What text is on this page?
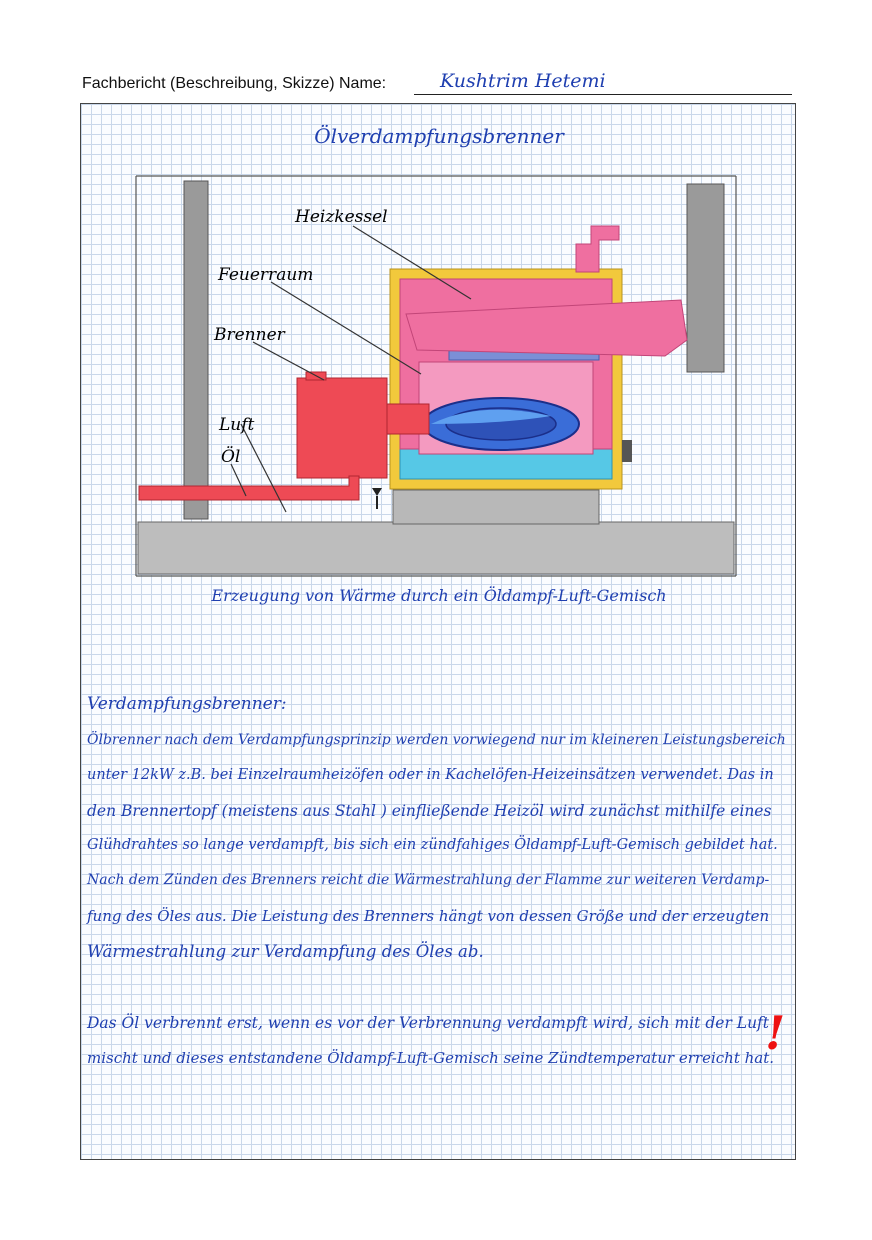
Fachbericht (Beschreibung, Skizze) Name:	Kushtrim Hetemi
Ölverdampfungsbrenner
Heizkessel
Feuerraum
Brenner
Luft
Öl
Erzeugung von Wärme durch ein Öldampf-Luft-Gemisch
Verdampfungsbrenner:
Ölbrenner nach dem Verdampfungsprinzip werden vorwiegend nur im kleineren Leistungsbereich
unter 12kW z.B. bei Einzelraumheizöfen oder in Kachelöfen-Heizeinsätzen verwendet. Das in
den Brennertopf (meistens aus Stahl ) einfließende Heizöl wird zunächst mithilfe eines
Glühdrahtes so lange verdampft, bis sich ein zündfahiges Öldampf-Luft-Gemisch gebildet hat.
Nach dem Zünden des Brenners reicht die Wärmestrahlung der Flamme zur weiteren Verdamp-
fung des Öles aus. Die Leistung des Brenners hängt von dessen Größe und der erzeugten
Wärmestrahlung zur Verdampfung des Öles ab.
Das Öl verbrennt erst, wenn es vor der Verbrennung verdampft wird, sich mit der Luft
mischt und dieses entstandene Öldampf-Luft-Gemisch seine Zündtemperatur erreicht hat.
!
